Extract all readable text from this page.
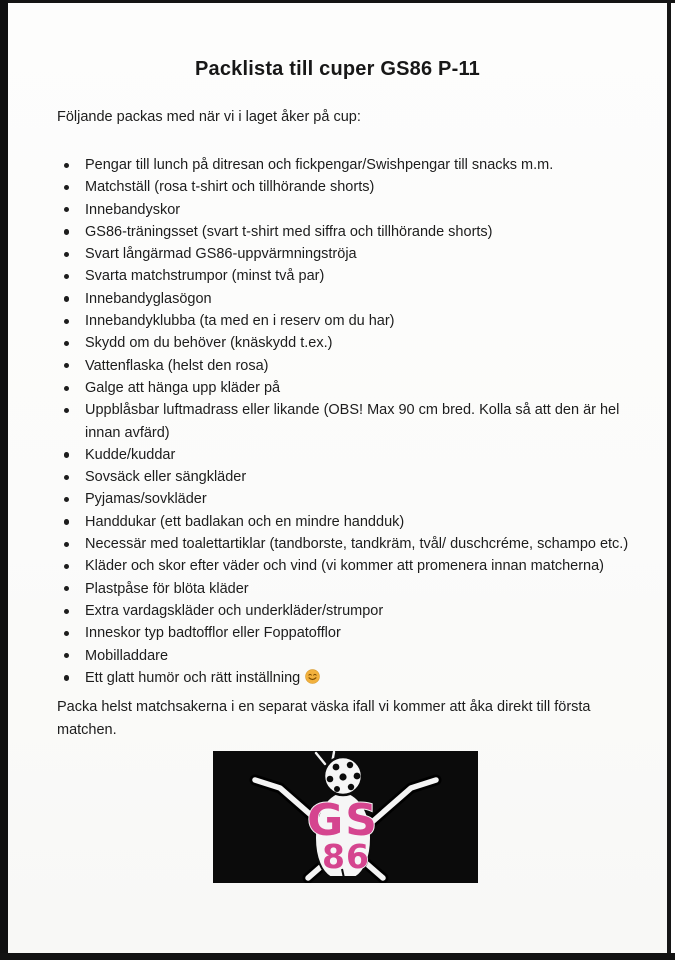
Packlista till cuper GS86 P-11
Följande packas med när vi i laget åker på cup:
Pengar till lunch på ditresan och fickpengar/Swishpengar till snacks m.m.
Matchställ (rosa t-shirt och tillhörande shorts)
Innebandyskor
GS86-träningsset (svart t-shirt med siffra och tillhörande shorts)
Svart långärmad GS86-uppvärmningströja
Svarta matchstrumpor (minst två par)
Innebandyglasögon
Innebandyklubba (ta med en i reserv om du har)
Skydd om du behöver (knäskydd t.ex.)
Vattenflaska (helst den rosa)
Galge att hänga upp kläder på
Uppblåsbar luftmadrass eller likande (OBS! Max 90 cm bred. Kolla så att den är hel innan avfärd)
Kudde/kuddar
Sovsäck eller sängkläder
Pyjamas/sovkläder
Handdukar (ett badlakan och en mindre handduk)
Necessär med toalettartiklar (tandborste, tandkräm, tvål/ duschcréme, schampo etc.)
Kläder och skor efter väder och vind (vi kommer att promenera innan matcherna)
Plastpåse för blöta kläder
Extra vardagskläder och underkläder/strumpor
Inneskor typ badtofflor eller Foppatofflor
Mobilladdare
Ett glatt humör och rätt inställning
Packa helst matchsakerna i en separat väska ifall vi kommer att åka direkt till första matchen.
GS
86
